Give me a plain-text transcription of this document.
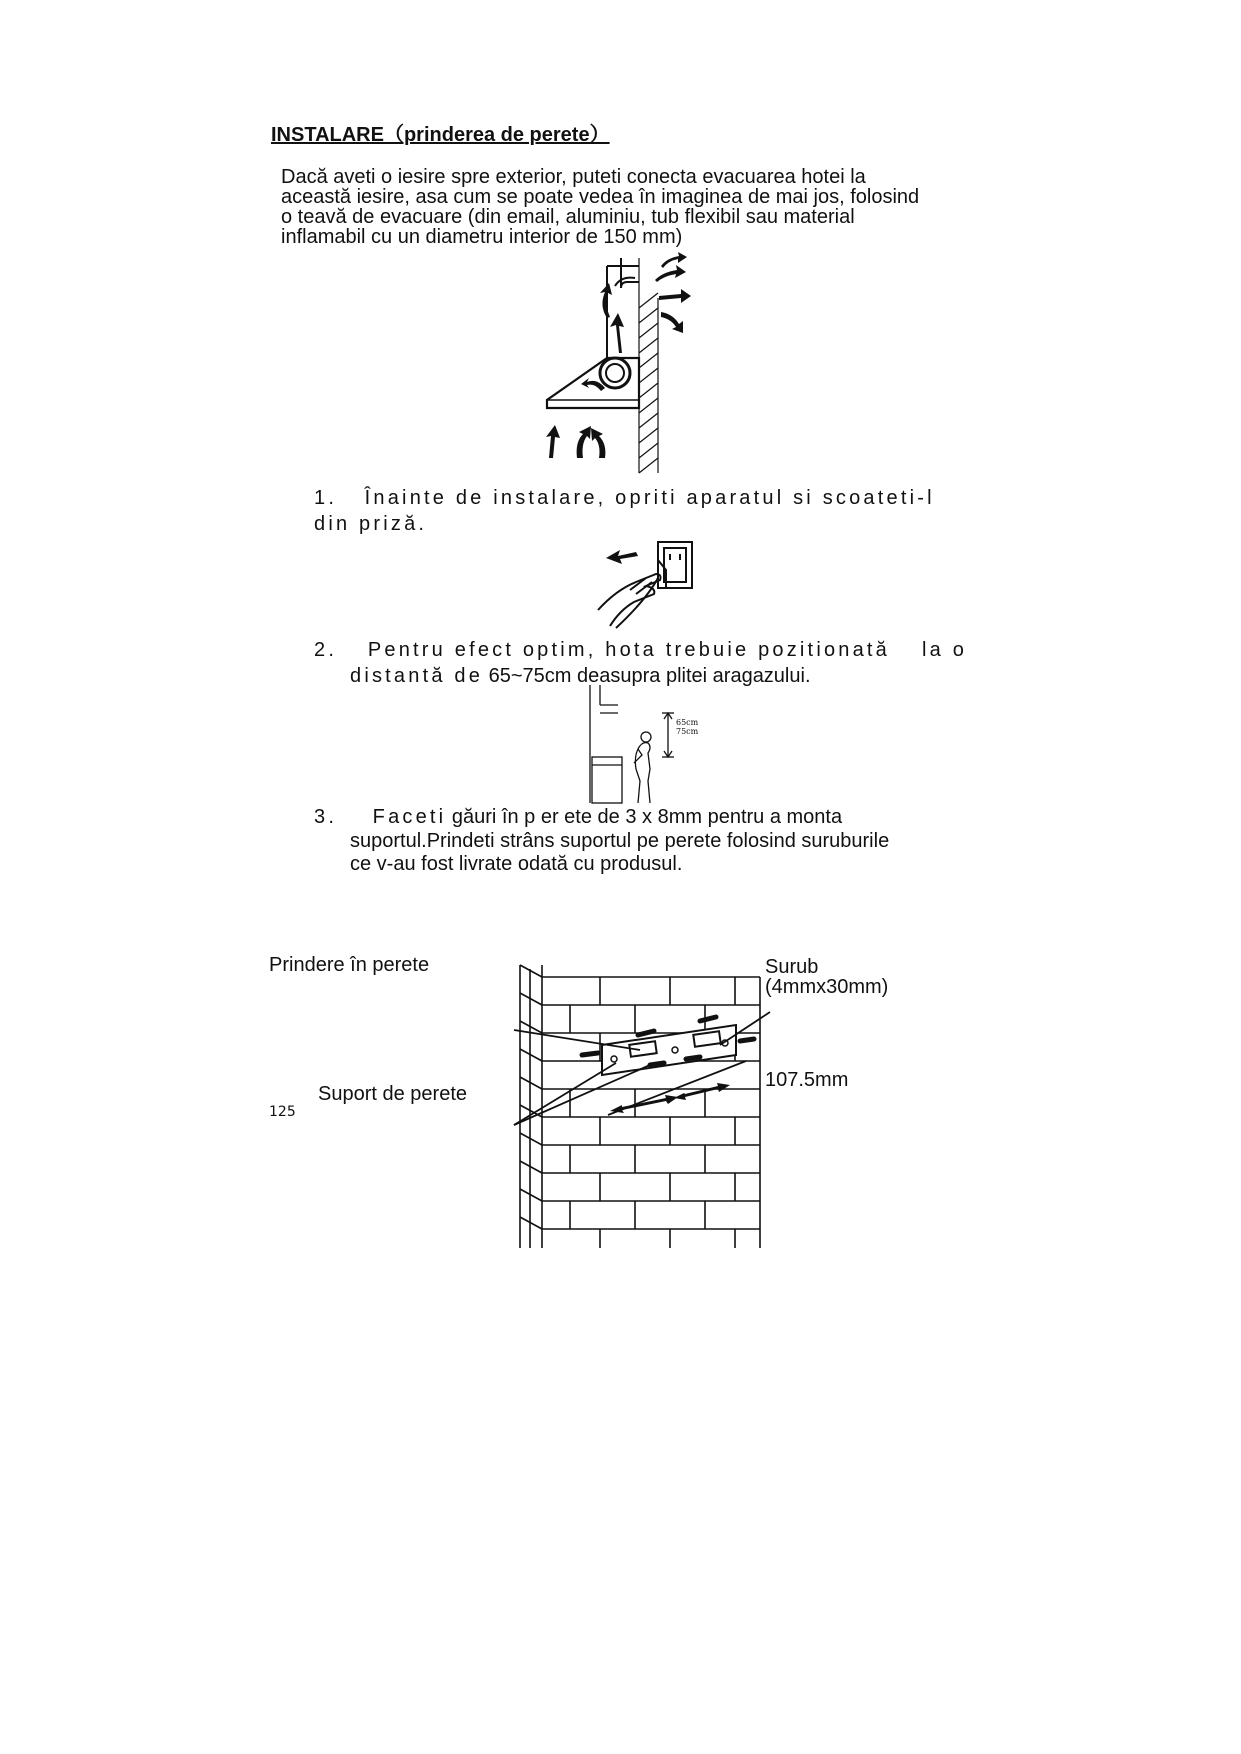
INSTALARE（prinderea de perete）
Dacă aveti o iesire spre exterior, puteti conecta evacuarea hotei la
această iesire, asa cum se poate vedea în imaginea de mai jos, folosind
o teavă de evacuare (din email, aluminiu, tub flexibil sau material
inflamabil cu un diametru interior de 150 mm)
1. Înainte de instalare, opriti aparatul si scoateti-l
din priză.
2. Pentru efect optim, hota trebuie pozitionată la o
distantă de 65~75cm deasupra plitei aragazului.
65cm
75cm
3. Faceti găuri în p er ete de 3 x 8mm pentru a monta
suportul.Prindeti strâns suportul pe perete folosind suruburile
ce v-au fost livrate odată cu produsul.
Prindere în perete	Surub
(4mmx30mm)
107.5mm
Suport de perete
125
